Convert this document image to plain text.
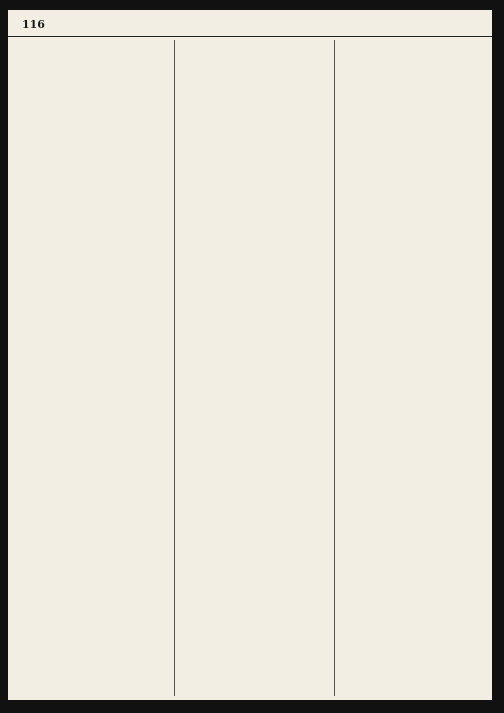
116
